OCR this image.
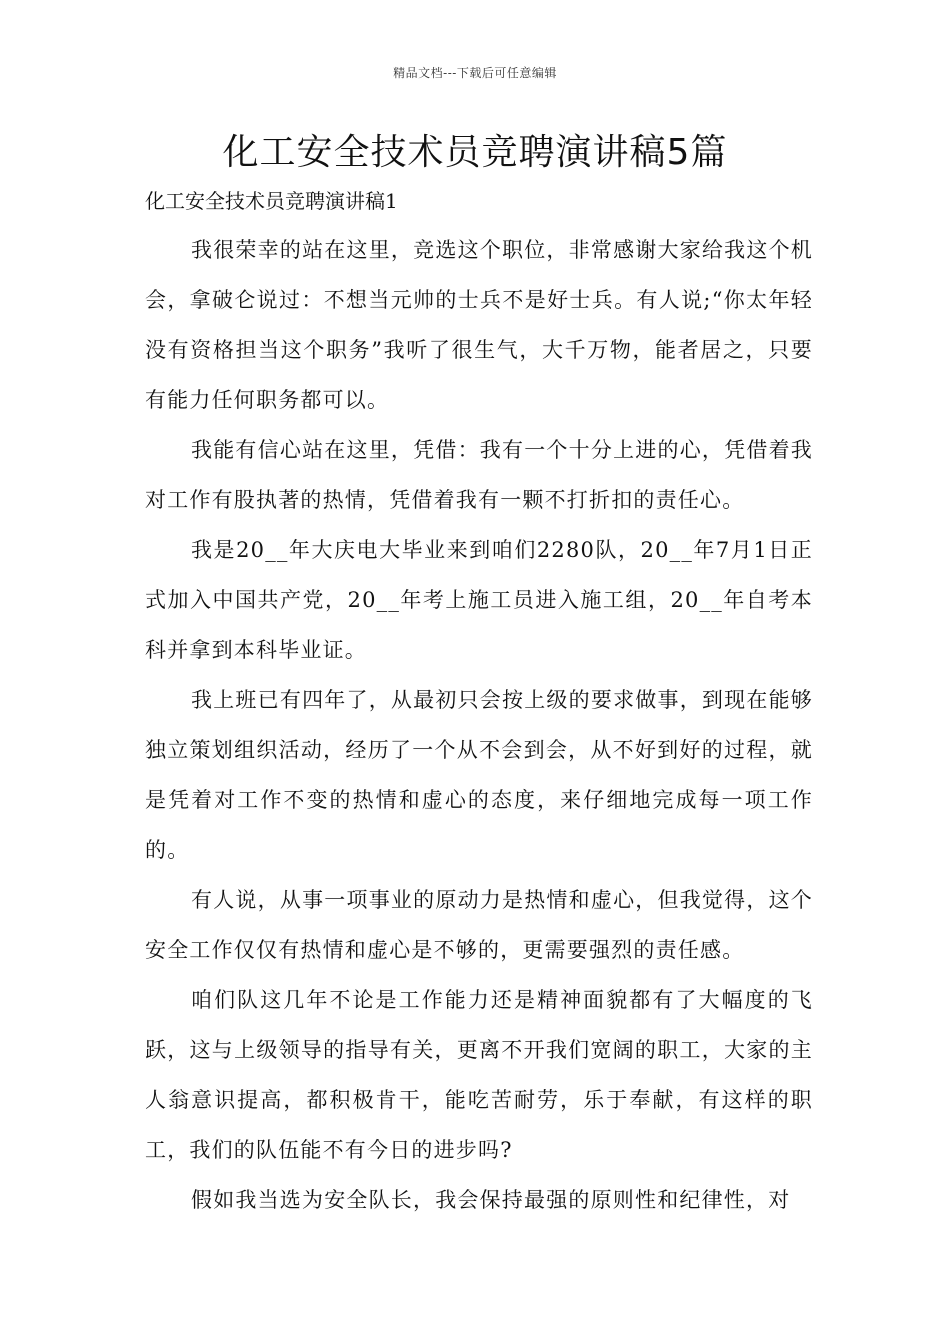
精品文档---下载后可任意编辑
化工安全技术员竞聘演讲稿5篇
化工安全技术员竞聘演讲稿1

我很荣幸的站在这里，竞选这个职位，非常感谢大家给我这个机会，拿破仑说过：不想当元帅的士兵不是好士兵。有人说;“你太年轻没有资格担当这个职务”我听了很生气，大千万物，能者居之，只要有能力任何职务都可以。

我能有信心站在这里，凭借：我有一个十分上进的心，凭借着我对工作有股执著的热情，凭借着我有一颗不打折扣的责任心。

我是20__年大庆电大毕业来到咱们2280队，20__年7月1日正式加入中国共产党，20__年考上施工员进入施工组，20__年自考本科并拿到本科毕业证。

我上班已有四年了，从最初只会按上级的要求做事，到现在能够独立策划组织活动，经历了一个从不会到会，从不好到好的过程，就是凭着对工作不变的热情和虚心的态度，来仔细地完成每一项工作的。

有人说，从事一项事业的原动力是热情和虚心，但我觉得，这个安全工作仅仅有热情和虚心是不够的，更需要强烈的责任感。

咱们队这几年不论是工作能力还是精神面貌都有了大幅度的飞跃，这与上级领导的指导有关，更离不开我们宽阔的职工，大家的主人翁意识提高，都积极肯干，能吃苦耐劳，乐于奉献，有这样的职工，我们的队伍能不有今日的进步吗?

假如我当选为安全队长，我会保持最强的原则性和纪律性，对
